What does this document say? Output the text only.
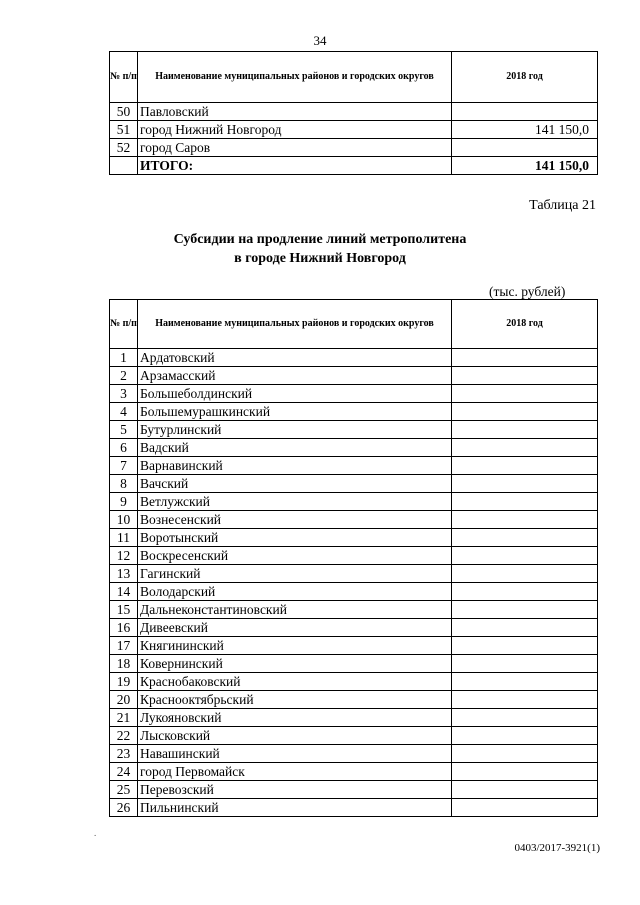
34
№ п/п	Наименование муниципальных районов и городских округов	2018 год
50	Павловский	
51	город Нижний Новгород	141 150,0
52	город Саров	
	ИТОГО:	141 150,0
Таблица 21
Субсидии на продление линий метрополитена
в городе Нижний Новгород
(тыс. рублей)
№ п/п	Наименование муниципальных районов и городских округов	2018 год
1	Ардатовский	
2	Арзамасский	
3	Большеболдинский	
4	Большемурашкинский	
5	Бутурлинский	
6	Вадский	
7	Варнавинский	
8	Вачский	
9	Ветлужский	
10	Вознесенский	
11	Воротынский	
12	Воскресенский	
13	Гагинский	
14	Володарский	
15	Дальнеконстантиновский	
16	Дивеевский	
17	Княгининский	
18	Ковернинский	
19	Краснобаковский	
20	Краснооктябрьский	
21	Лукояновский	
22	Лысковский	
23	Навашинский	
24	город Первомайск	
25	Перевозский	
26	Пильнинский	
.
0403/2017-3921(1)
